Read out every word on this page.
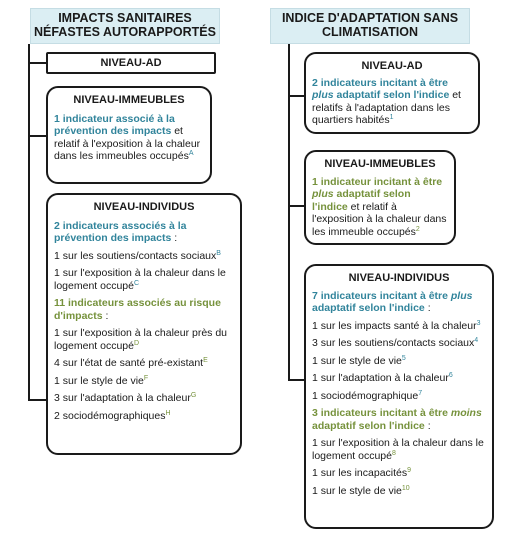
IMPACTS SANITAIRES
NÉFASTES AUTORAPPORTÉS
NIVEAU-AD
NIVEAU-IMMEUBLES
1 indicateur associé à la prévention des impacts et relatif à l'exposition à la chaleur dans les immeubles occupés$^A$
NIVEAU-INDIVIDUS
2 indicateurs associés à la prévention des impacts :
1 sur les soutiens/contacts sociaux$^B$
1 sur l'exposition à la chaleur dans le logement occupé$^C$
11 indicateurs associés au risque d'impacts :
1 sur l'exposition à la chaleur près du logement occupé$^D$
4 sur l'état de santé pré-existant$^E$
1 sur le style de vie$^F$
3 sur l'adaptation à la chaleur$^G$
2 sociodémographiques$^H$
INDICE D'ADAPTATION SANS
CLIMATISATION
NIVEAU-AD
2 indicateurs incitant à être plus adaptatif selon l'indice et relatifs à l'adaptation dans les quartiers habités$^1$
NIVEAU-IMMEUBLES
1 indicateur incitant à être plus adaptatif selon l'indice et relatif à l'exposition à la chaleur dans les immeuble occupés$^2$
NIVEAU-INDIVIDUS
7 indicateurs incitant à être plus adaptatif selon l'indice :
1 sur les impacts santé à la chaleur$^3$
3 sur les soutiens/contacts sociaux$^4$
1 sur le style de vie$^5$
1 sur l'adaptation à la chaleur$^6$
1 sociodémographique$^7$
3 indicateurs incitant à être moins adaptatif selon l'indice :
1 sur l'exposition à la chaleur dans le logement occupé$^8$
1 sur les incapacités$^9$
1 sur le style de vie$^{10}$
